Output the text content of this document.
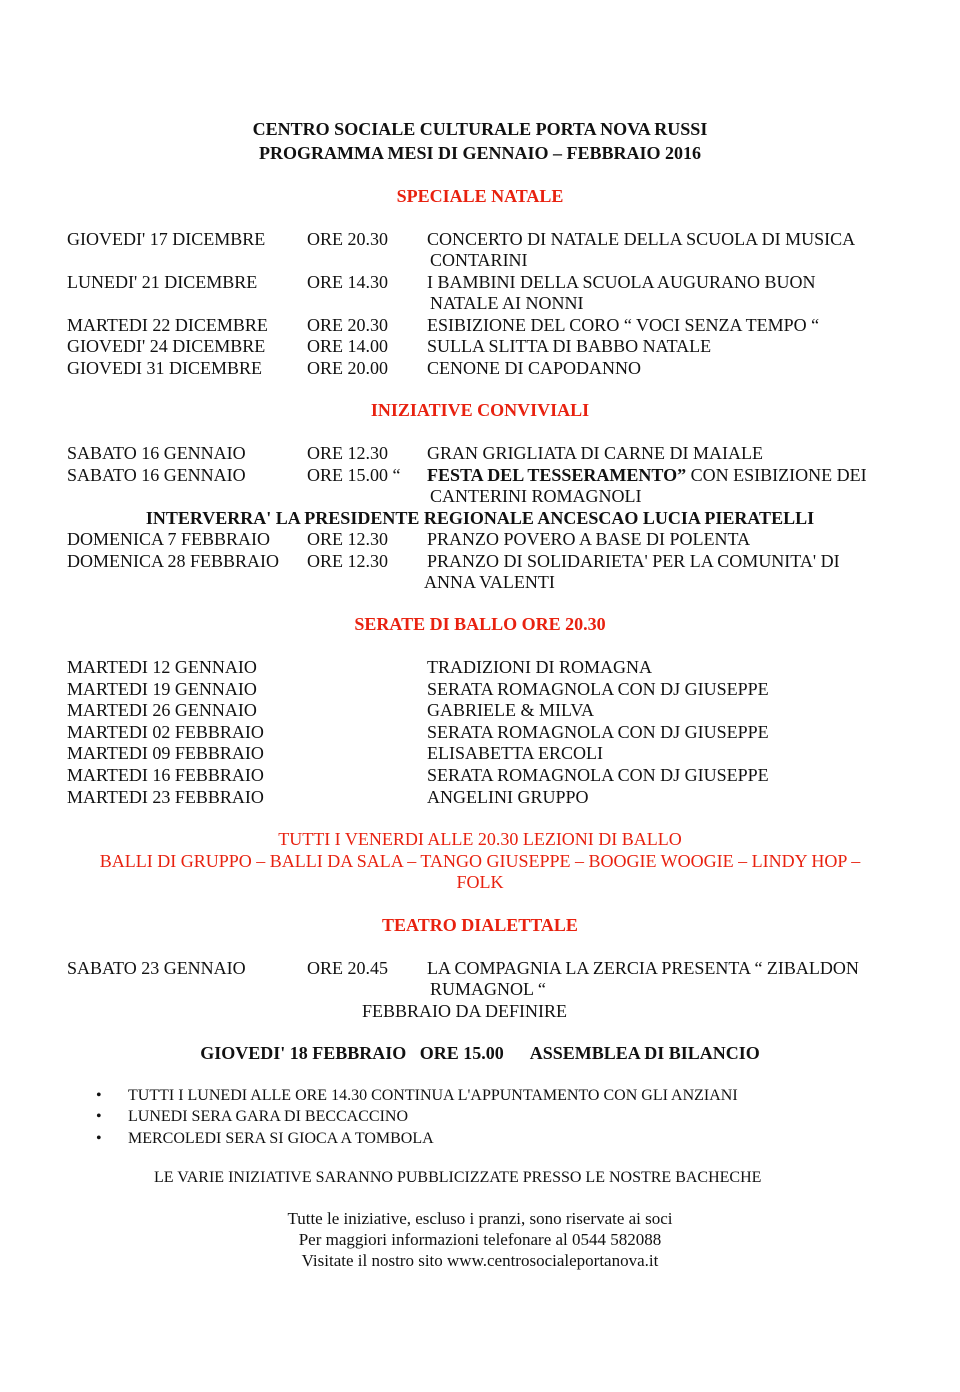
CENTRO SOCIALE CULTURALE PORTA NOVA RUSSI
PROGRAMMA MESI DI GENNAIO – FEBBRAIO 2016
SPECIALE NATALE
GIOVEDI' 17 DICEMBRE ORE 20.30 CONCERTO DI NATALE DELLA SCUOLA DI MUSICA
CONTARINI
LUNEDI' 21 DICEMBRE	ORE 14.30 I BAMBINI DELLA SCUOLA AUGURANO BUON
NATALE AI NONNI
MARTEDI 22 DICEMBRE ORE 20.30 ESIBIZIONE DEL CORO “ VOCI SENZA TEMPO “
GIOVEDI' 24 DICEMBRE ORE 14.00 SULLA SLITTA DI BABBO NATALE
GIOVEDI 31 DICEMBRE	ORE 20.00 CENONE DI CAPODANNO
INIZIATIVE CONVIVIALI
SABATO 16 GENNAIO	ORE 12.30 GRAN GRIGLIATA DI CARNE DI MAIALE
SABATO 16 GENNAIO	ORE 15.00 “ FESTA DEL TESSERAMENTO” CON ESIBIZIONE DEI
CANTERINI ROMAGNOLI
INTERVERRA' LA PRESIDENTE REGIONALE ANCESCAO LUCIA PIERATELLI
DOMENICA 7 FEBBRAIO ORE 12.30 PRANZO POVERO A BASE DI POLENTA
DOMENICA 28 FEBBRAIO ORE 12.30 PRANZO DI SOLIDARIETA' PER LA COMUNITA' DI
ANNA VALENTI
SERATE DI BALLO ORE 20.30
MARTEDI 12 GENNAIO	TRADIZIONI DI ROMAGNA
MARTEDI 19 GENNAIO	SERATA ROMAGNOLA CON DJ GIUSEPPE
MARTEDI 26 GENNAIO	GABRIELE & MILVA
MARTEDI 02 FEBBRAIO	SERATA ROMAGNOLA CON DJ GIUSEPPE
MARTEDI 09 FEBBRAIO	ELISABETTA ERCOLI
MARTEDI 16 FEBBRAIO	SERATA ROMAGNOLA CON DJ GIUSEPPE
MARTEDI 23 FEBBRAIO	ANGELINI GRUPPO
TUTTI I VENERDI ALLE 20.30 LEZIONI DI BALLO
BALLI DI GRUPPO – BALLI DA SALA – TANGO GIUSEPPE – BOOGIE WOOGIE – LINDY HOP –
FOLK
TEATRO DIALETTALE
SABATO 23 GENNAIO	ORE 20.45 LA COMPAGNIA LA ZERCIA PRESENTA “ ZIBALDON
RUMAGNOL “
FEBBRAIO DA DEFINIRE
GIOVEDI' 18 FEBBRAIO   ORE 15.00      ASSEMBLEA DI BILANCIO
• TUTTI I LUNEDI ALLE ORE 14.30 CONTINUA L'APPUNTAMENTO CON GLI ANZIANI
• LUNEDI SERA GARA DI BECCACCINO
• MERCOLEDI SERA SI GIOCA A TOMBOLA
LE VARIE INIZIATIVE SARANNO PUBBLICIZZATE PRESSO LE NOSTRE BACHECHE
Tutte le iniziative, escluso i pranzi, sono riservate ai soci
Per maggiori informazioni telefonare al 0544 582088
Visitate il nostro sito www.centrosocialeportanova.it
